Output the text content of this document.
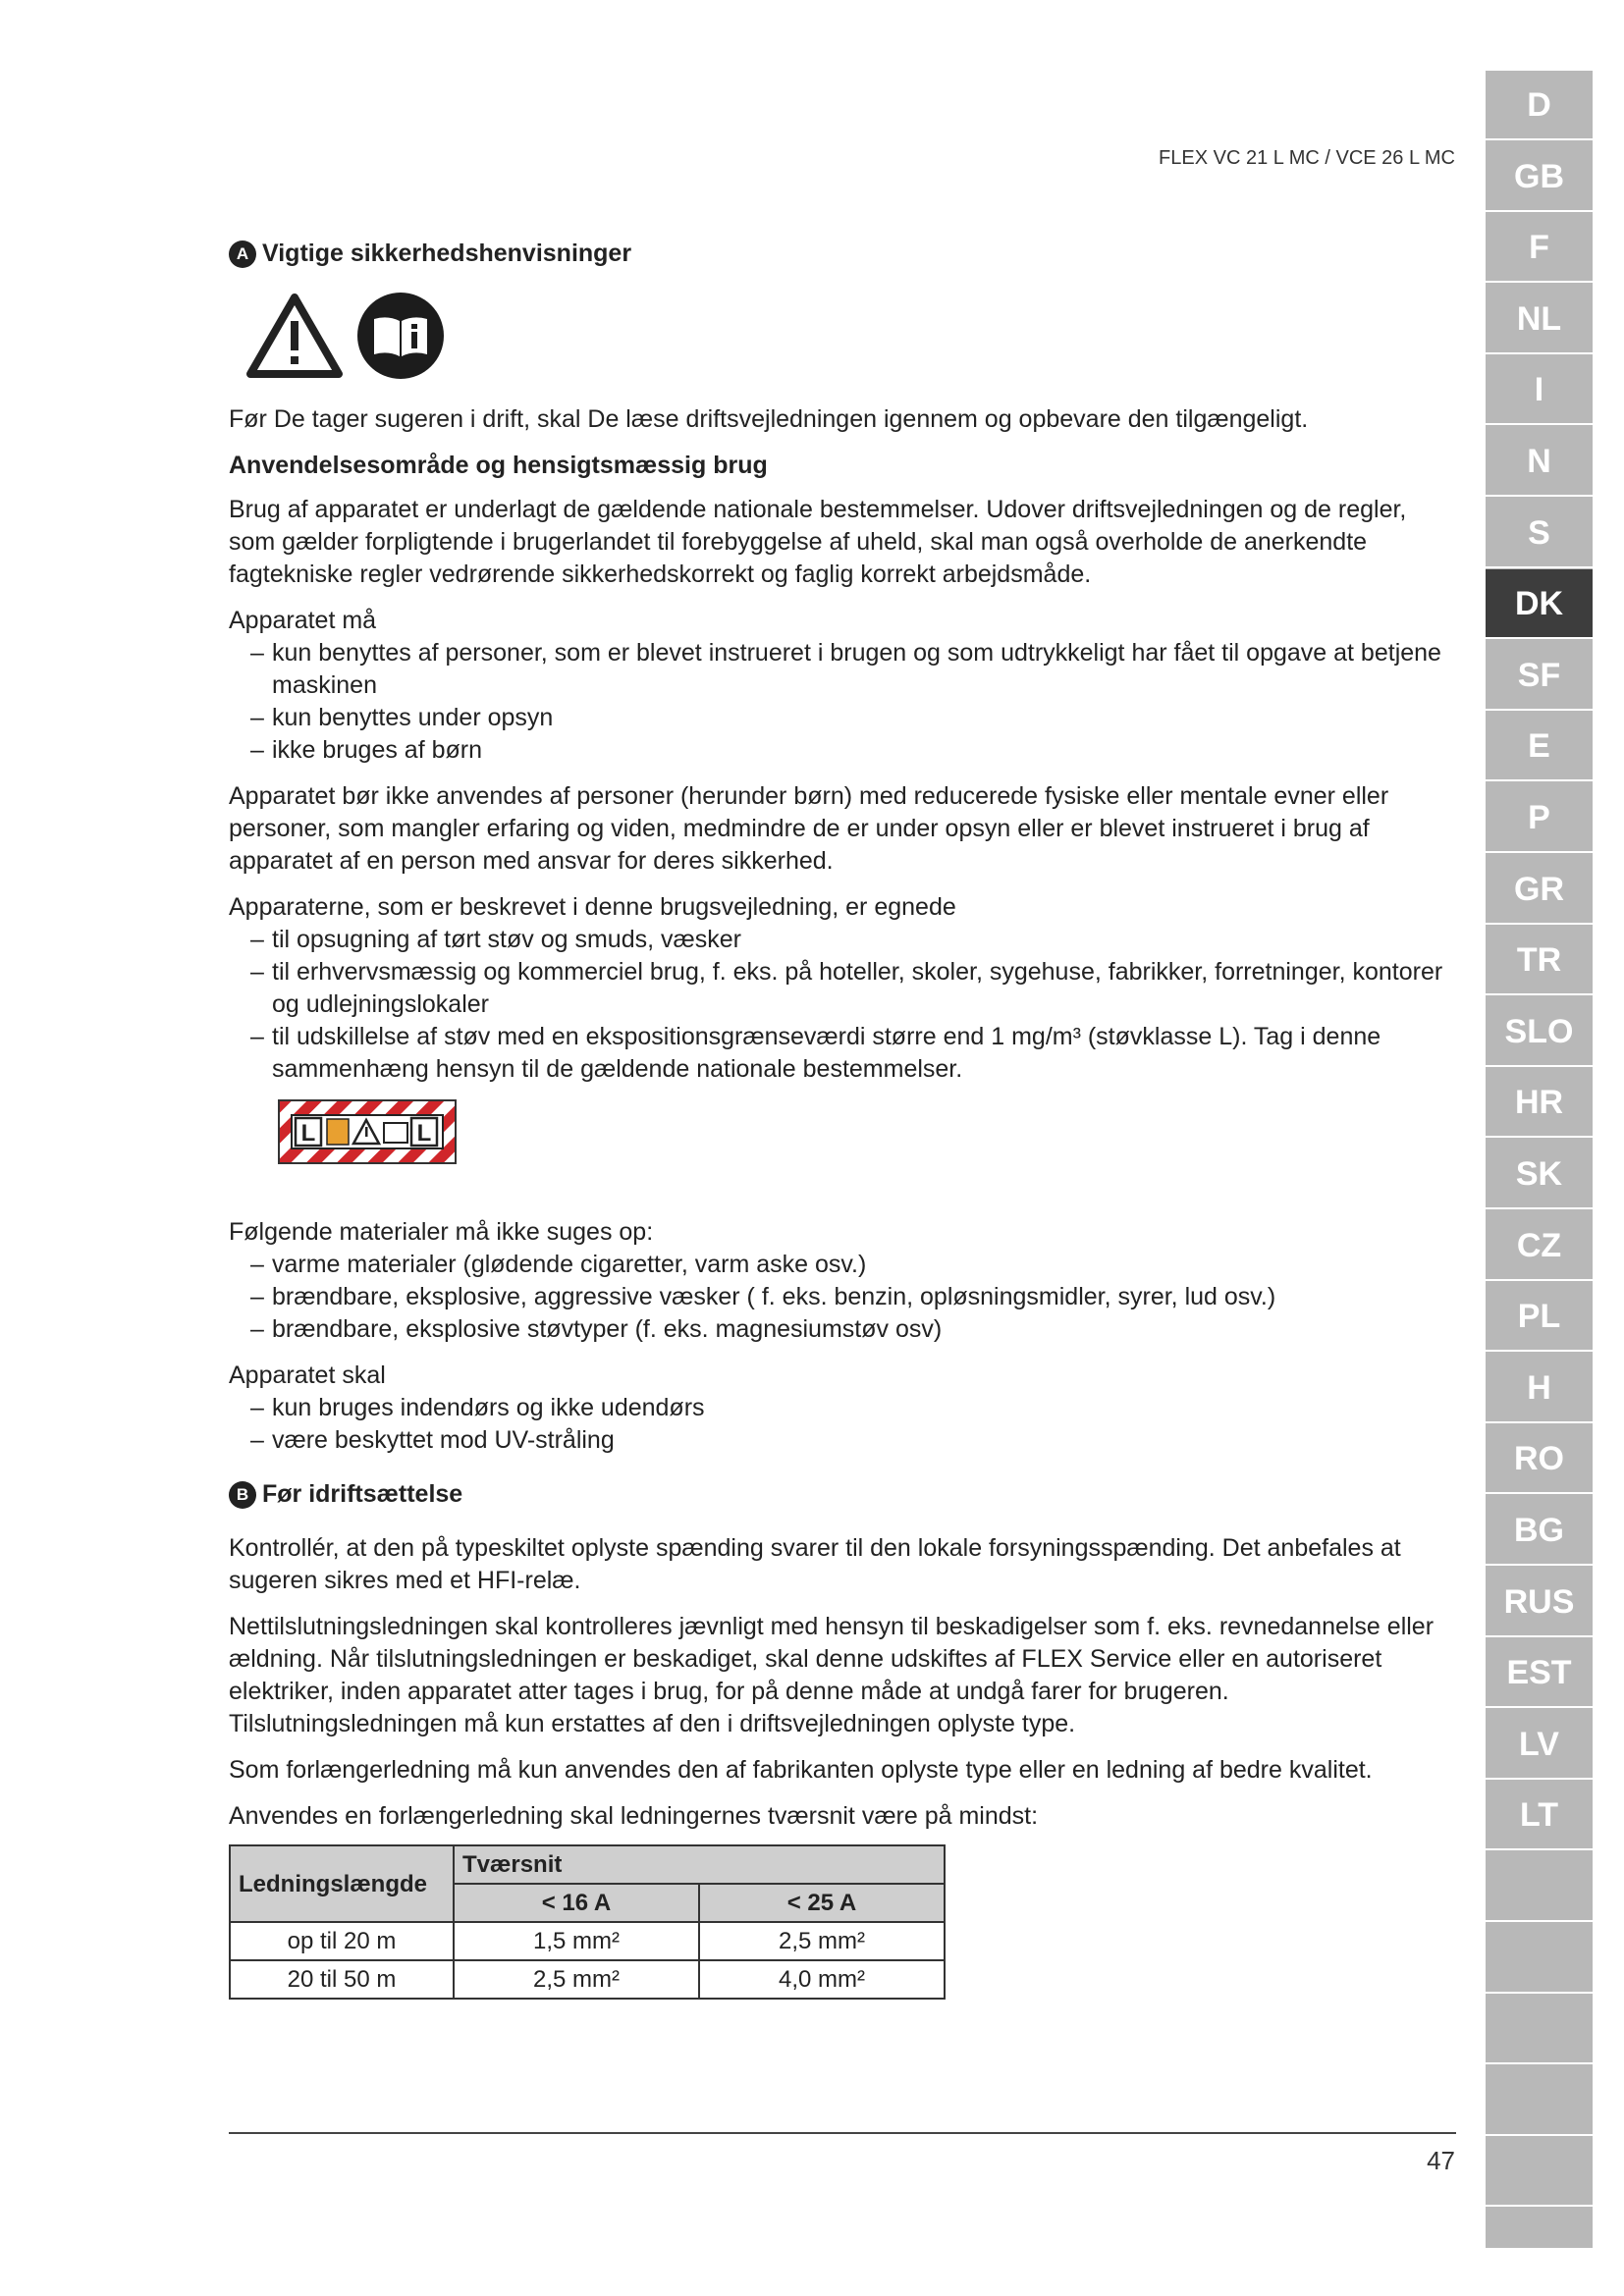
FLEX VC 21 L MC / VCE 26 L MC
A Vigtige sikkerhedshenvisninger

Før De tager sugeren i drift, skal De læse driftsvejledningen igennem og opbevare den tilgængeligt.

Anvendelsesområde og hensigtsmæssig brug

Brug af apparatet er underlagt de gældende nationale bestemmelser. Udover driftsvejledningen og de regler, som gælder forpligtende i brugerlandet til forebyggelse af uheld, skal man også overholde de anerkendte fagtekniske regler vedrørende sikkerhedskorrekt og faglig korrekt arbejdsmåde.

Apparatet må
– kun benyttes af personer, som er blevet instrueret i brugen og som udtrykkeligt har fået til opgave at betjene maskinen
– kun benyttes under opsyn
– ikke bruges af børn

Apparatet bør ikke anvendes af personer (herunder børn) med reducerede fysiske eller mentale evner eller personer, som mangler erfaring og viden, medmindre de er under opsyn eller er blevet instrueret i brug af apparatet af en person med ansvar for deres sikkerhed.

Apparaterne, som er beskrevet i denne brugsvejledning, er egnede
– til opsugning af tørt støv og smuds, væsker
– til erhvervsmæssig og kommerciel brug, f. eks. på hoteller, skoler, sygehuse, fabrikker, forretninger, kontorer og udlejningslokaler
– til udskillelse af støv med en ekspositionsgrænseværdi større end 1 mg/m³ (støvklasse L). Tag i denne sammenhæng hensyn til de gældende nationale bestemmelser.
L	L
Følgende materialer må ikke suges op:
– varme materialer (glødende cigaretter, varm aske osv.)
– brændbare, eksplosive, aggressive væsker ( f. eks. benzin, opløsningsmidler, syrer, lud osv.)
– brændbare, eksplosive støvtyper (f. eks. magnesiumstøv osv)
Apparatet skal
– kun bruges indendørs og ikke udendørs
– være beskyttet mod UV-stråling
B Før idriftsættelse

Kontrollér, at den på typeskiltet oplyste spænding svarer til den lokale forsyningsspænding. Det anbefales at sugeren sikres med et HFI-relæ.

Nettilslutningsledningen skal kontrolleres jævnligt med hensyn til beskadigelser som f. eks. revnedannelse eller ældning. Når tilslutningsledningen er beskadiget, skal denne udskiftes af FLEX Service eller en autoriseret elektriker, inden apparatet atter tages i brug, for på denne måde at undgå farer for brugeren. Tilslutningsledningen må kun erstattes af den i driftsvejledningen oplyste type.

Som forlængerledning må kun anvendes den af fabrikanten oplyste type eller en ledning af bedre kvalitet.

Anvendes en forlængerledning skal ledningernes tværsnit være på mindst:

Ledningslængde	Tværsnit	
	< 16 A	< 25 A
op til 20 m	1,5 mm²	2,5 mm²
20 til 50 m	2,5 mm²	4,0 mm²
47
D
GB
F
NL
I
N
S
DK
SF
E
P
GR
TR
SLO
HR
SK
CZ
PL
H
RO
BG
RUS
EST
LV
LT
